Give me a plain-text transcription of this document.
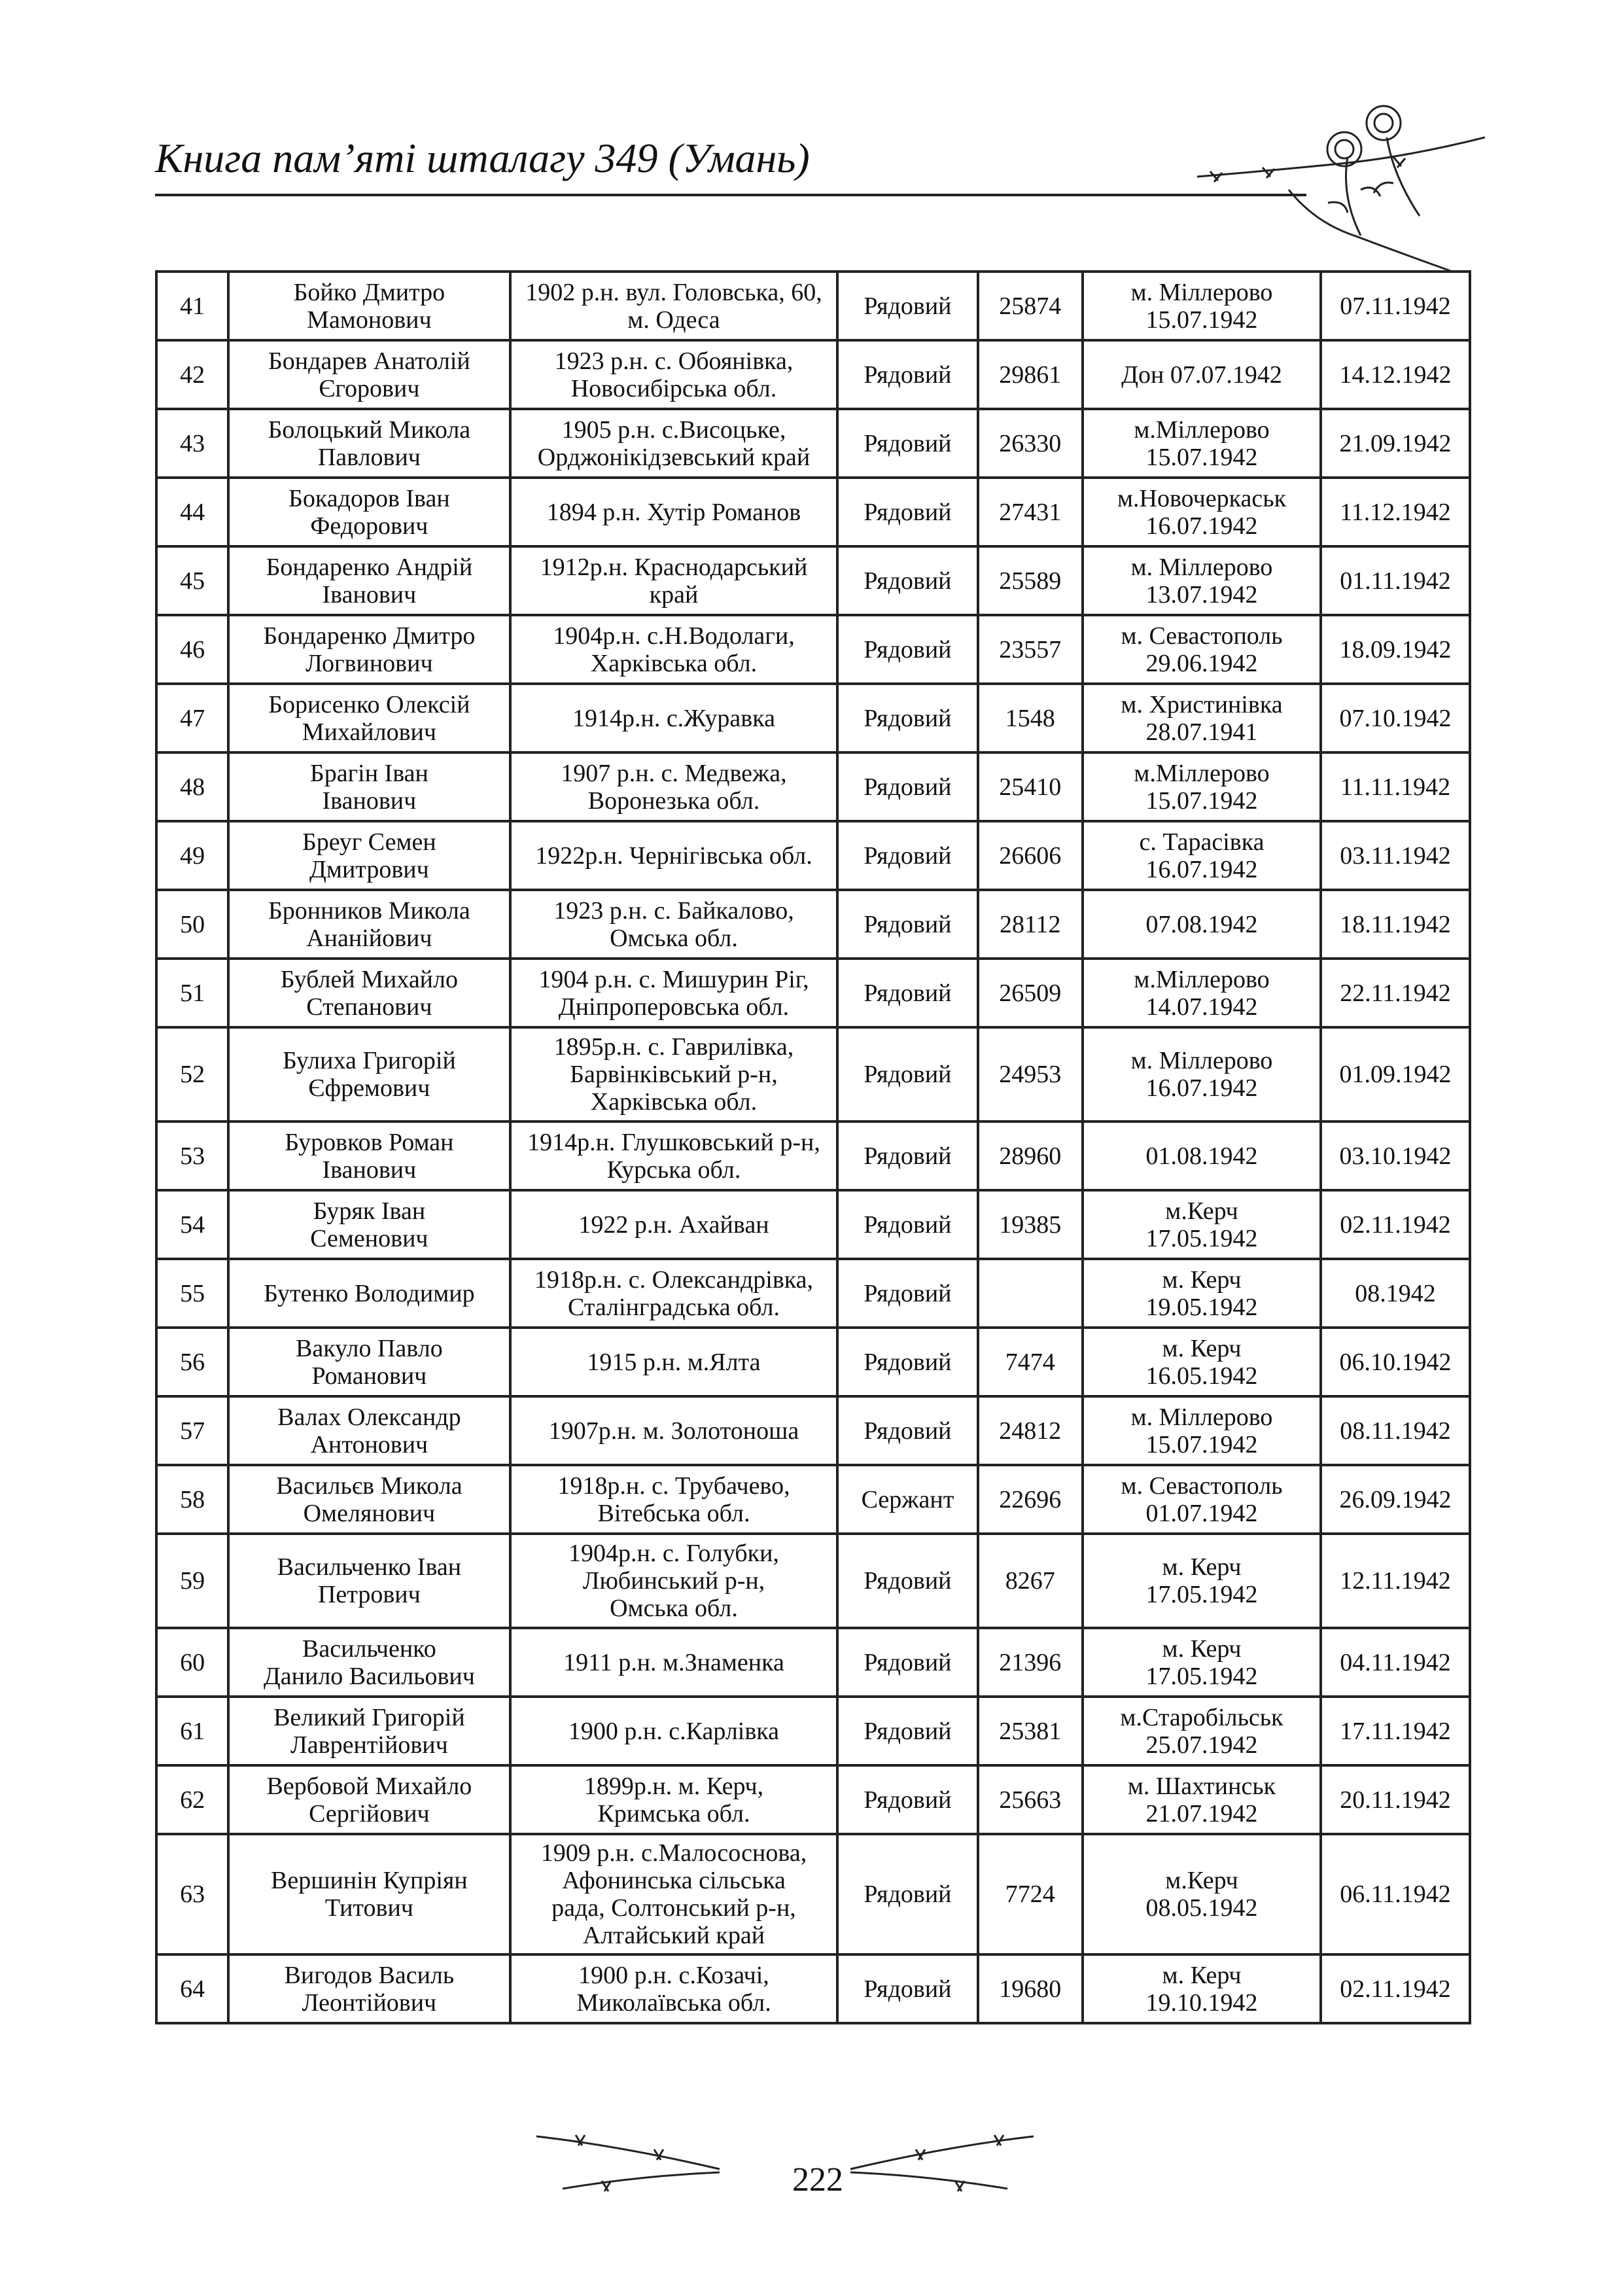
Книга пам’яті шталагу 349 (Умань)
41	Бойко Дмитро
Мамонович	1902 р.н. вул. Головська, 60,
м. Одеса	Рядовий	25874	м. Міллерово
15.07.1942	07.11.1942
42	Бондарев Анатолій
Єгорович	1923 р.н. с. Обоянівка,
Новосибірська обл.	Рядовий	29861	Дон 07.07.1942	14.12.1942
43	Болоцький Микола
Павлович	1905 р.н. с.Висоцьке,
Орджонікідзевський край	Рядовий	26330	м.Міллерово
15.07.1942	21.09.1942
44	Бокадоров Іван
Федорович	1894 р.н. Хутір Романов	Рядовий	27431	м.Новочеркаськ
16.07.1942	11.12.1942
45	Бондаренко Андрій
Іванович	1912р.н. Краснодарський
край	Рядовий	25589	м. Міллерово
13.07.1942	01.11.1942
46	Бондаренко Дмитро
Логвинович	1904р.н. с.Н.Водолаги,
Харківська обл.	Рядовий	23557	м. Севастополь
29.06.1942	18.09.1942
47	Борисенко Олексій
Михайлович	1914р.н. с.Журавка	Рядовий	1548	м. Христинівка
28.07.1941	07.10.1942
48	Брагін Іван
Іванович	1907 р.н. с. Медвежа,
Воронезька обл.	Рядовий	25410	м.Міллерово
15.07.1942	11.11.1942
49	Бреуг Семен
Дмитрович	1922р.н. Чернігівська обл.	Рядовий	26606	с. Тарасівка
16.07.1942	03.11.1942
50	Бронников Микола
Ананійович	1923 р.н. с. Байкалово,
Омська обл.	Рядовий	28112	07.08.1942	18.11.1942
51	Бублей Михайло
Степанович	1904 р.н. с. Мишурин Ріг,
Дніпроперовська обл.	Рядовий	26509	м.Міллерово
14.07.1942	22.11.1942
52	Булиха Григорій
Єфремович	1895р.н. с. Гаврилівка,
Барвінківський р-н,
Харківська обл.	Рядовий	24953	м. Міллерово
16.07.1942	01.09.1942
53	Буровков Роман
Іванович	1914р.н. Глушковський р-н,
Курська обл.	Рядовий	28960	01.08.1942	03.10.1942
54	Буряк Іван
Семенович	1922 р.н. Ахайван	Рядовий	19385	м.Керч
17.05.1942	02.11.1942
55	Бутенко Володимир	1918р.н. с. Олександрівка,
Сталінградська обл.	Рядовий		м. Керч
19.05.1942	08.1942
56	Вакуло Павло
Романович	1915 р.н. м.Ялта	Рядовий	7474	м. Керч
16.05.1942	06.10.1942
57	Валах Олександр
Антонович	1907р.н. м. Золотоноша	Рядовий	24812	м. Міллерово
15.07.1942	08.11.1942
58	Васильєв Микола
Омелянович	1918р.н. с. Трубачево,
Вітебська обл.	Сержант	22696	м. Севастополь
01.07.1942	26.09.1942
59	Васильченко Іван
Петрович	1904р.н. с. Голубки,
Любинський р-н,
Омська обл.	Рядовий	8267	м. Керч
17.05.1942	12.11.1942
60	Васильченко
Данило Васильович	1911 р.н. м.Знаменка	Рядовий	21396	м. Керч
17.05.1942	04.11.1942
61	Великий Григорій
Лаврентійович	1900 р.н. с.Карлівка	Рядовий	25381	м.Старобільськ
25.07.1942	17.11.1942
62	Вербовой Михайло
Сергійович	1899р.н. м. Керч,
Кримська обл.	Рядовий	25663	м. Шахтинськ
21.07.1942	20.11.1942
63	Вершинін Купріян
Титович	1909 р.н. с.Малососнова,
Афонинська сільська
рада, Солтонський р-н,
Алтайський край	Рядовий	7724	м.Керч
08.05.1942	06.11.1942
64	Вигодов Василь
Леонтійович	1900 р.н. с.Козачі,
Миколаївська обл.	Рядовий	19680	м. Керч
19.10.1942	02.11.1942
222
